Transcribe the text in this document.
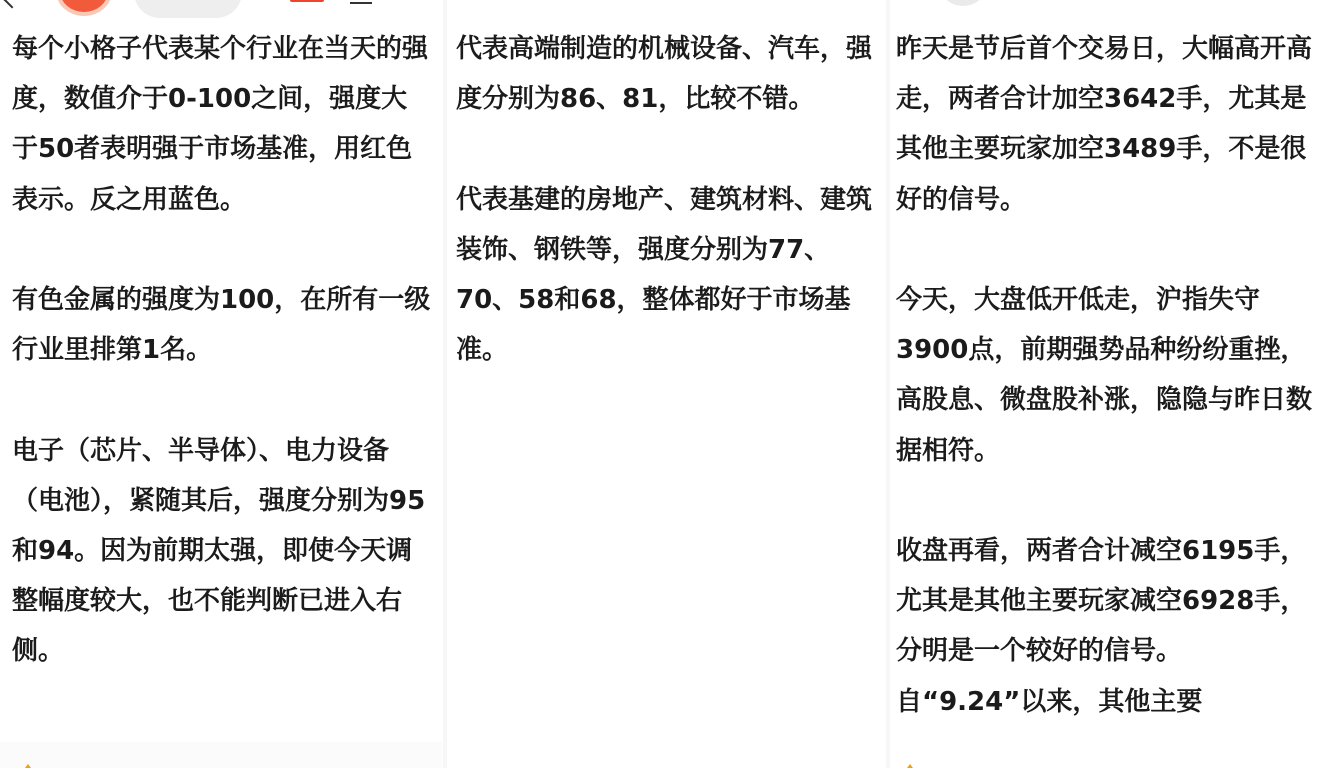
每个小格子代表某个行业在当天的强度，数值介于0-100之间，强度大于50者表明强于市场基准，用红色表示。反之用蓝色。

有色金属的强度为100，在所有一级行业里排第1名。

电子（芯片、半导体）、电力设备（电池），紧随其后，强度分别为95和94。因为前期太强，即使今天调整幅度较大，也不能判断已进入右侧。

代表高端制造的机械设备、汽车，强度分别为86、81，比较不错。

代表基建的房地产、建筑材料、建筑装饰、钢铁等，强度分别为77、70、58和68，整体都好于市场基准。

昨天是节后首个交易日，大幅高开高走，两者合计加空3642手，尤其是其他主要玩家加空3489手，不是很好的信号。

今天，大盘低开低走，沪指失守3900点，前期强势品种纷纷重挫，高股息、微盘股补涨，隐隐与昨日数据相符。

收盘再看，两者合计减空6195手，尤其是其他主要玩家减空6928手，分明是一个较好的信号。自“9.24”以来，其他主要
